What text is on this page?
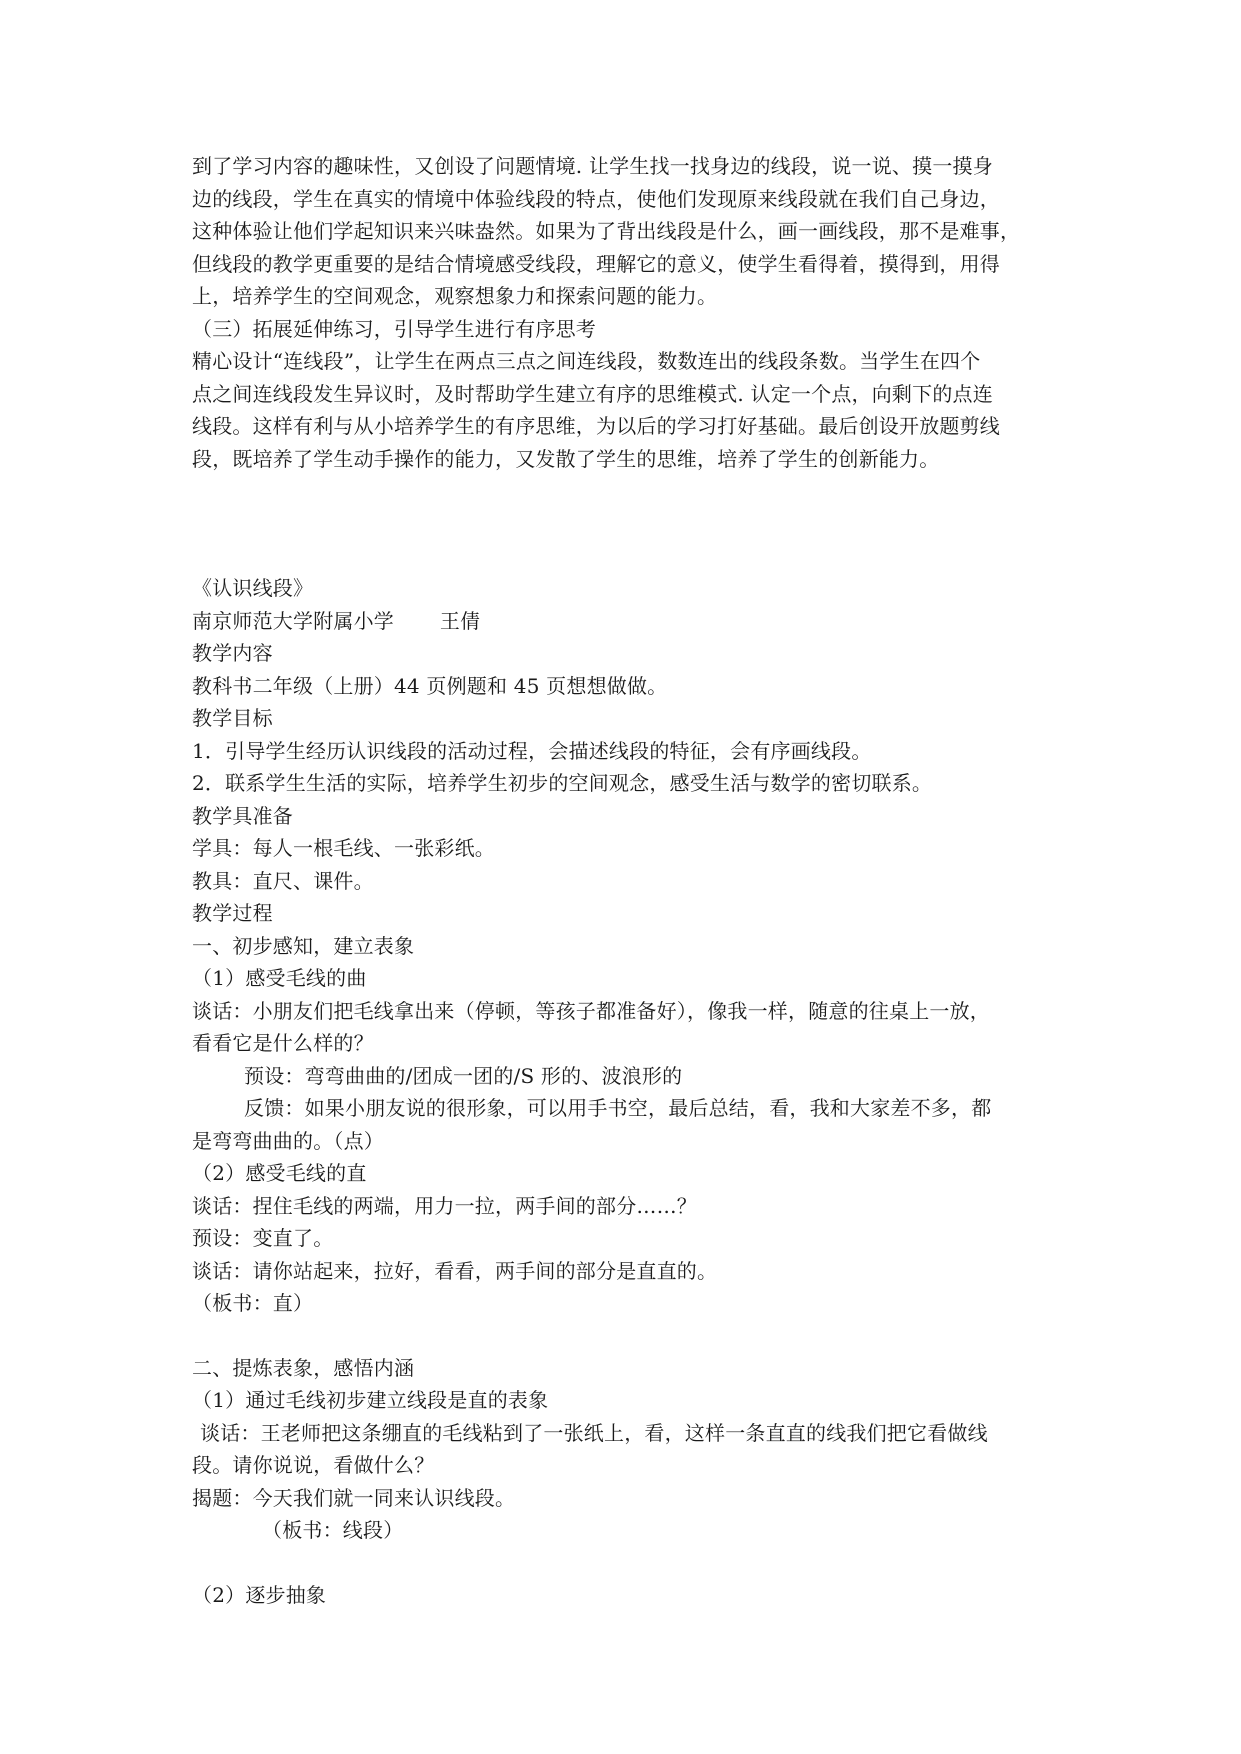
到了学习内容的趣味性，又创设了问题情境. 让学生找一找身边的线段，说一说、摸一摸身

边的线段，学生在真实的情境中体验线段的特点，使他们发现原来线段就在我们自己身边，

这种体验让他们学起知识来兴味盎然。如果为了背出线段是什么，画一画线段，那不是难事，

但线段的教学更重要的是结合情境感受线段，理解它的意义，使学生看得着，摸得到，用得

上，培养学生的空间观念，观察想象力和探索问题的能力。

（三）拓展延伸练习，引导学生进行有序思考

精心设计“连线段”，让学生在两点三点之间连线段，数数连出的线段条数。当学生在四个

点之间连线段发生异议时，及时帮助学生建立有序的思维模式. 认定一个点，向剩下的点连

线段。这样有利与从小培养学生的有序思维，为以后的学习打好基础。最后创设开放题剪线

段，既培养了学生动手操作的能力，又发散了学生的思维，培养了学生的创新能力。

《认识线段》

南京师范大学附属小学       王倩

教学内容

教科书二年级（上册）44 页例题和 45 页想想做做。

教学目标

1．引导学生经历认识线段的活动过程，会描述线段的特征，会有序画线段。

2．联系学生生活的实际，培养学生初步的空间观念，感受生活与数学的密切联系。

教学具准备

学具：每人一根毛线、一张彩纸。

教具：直尺、课件。

教学过程

一、初步感知，建立表象

（1）感受毛线的曲

谈话：小朋友们把毛线拿出来（停顿，等孩子都准备好），像我一样，随意的往桌上一放，

看看它是什么样的？

预设：弯弯曲曲的/团成一团的/S 形的、波浪形的

反馈：如果小朋友说的很形象，可以用手书空，最后总结，看，我和大家差不多，都

是弯弯曲曲的。（点）

（2）感受毛线的直

谈话：捏住毛线的两端，用力一拉，两手间的部分……？

预设：变直了。

谈话：请你站起来，拉好，看看，两手间的部分是直直的。

（板书：直）

二、提炼表象，感悟内涵

（1）通过毛线初步建立线段是直的表象

谈话：王老师把这条绷直的毛线粘到了一张纸上，看，这样一条直直的线我们把它看做线

段。请你说说，看做什么？

揭题：今天我们就一同来认识线段。

（板书：线段）

（2）逐步抽象
